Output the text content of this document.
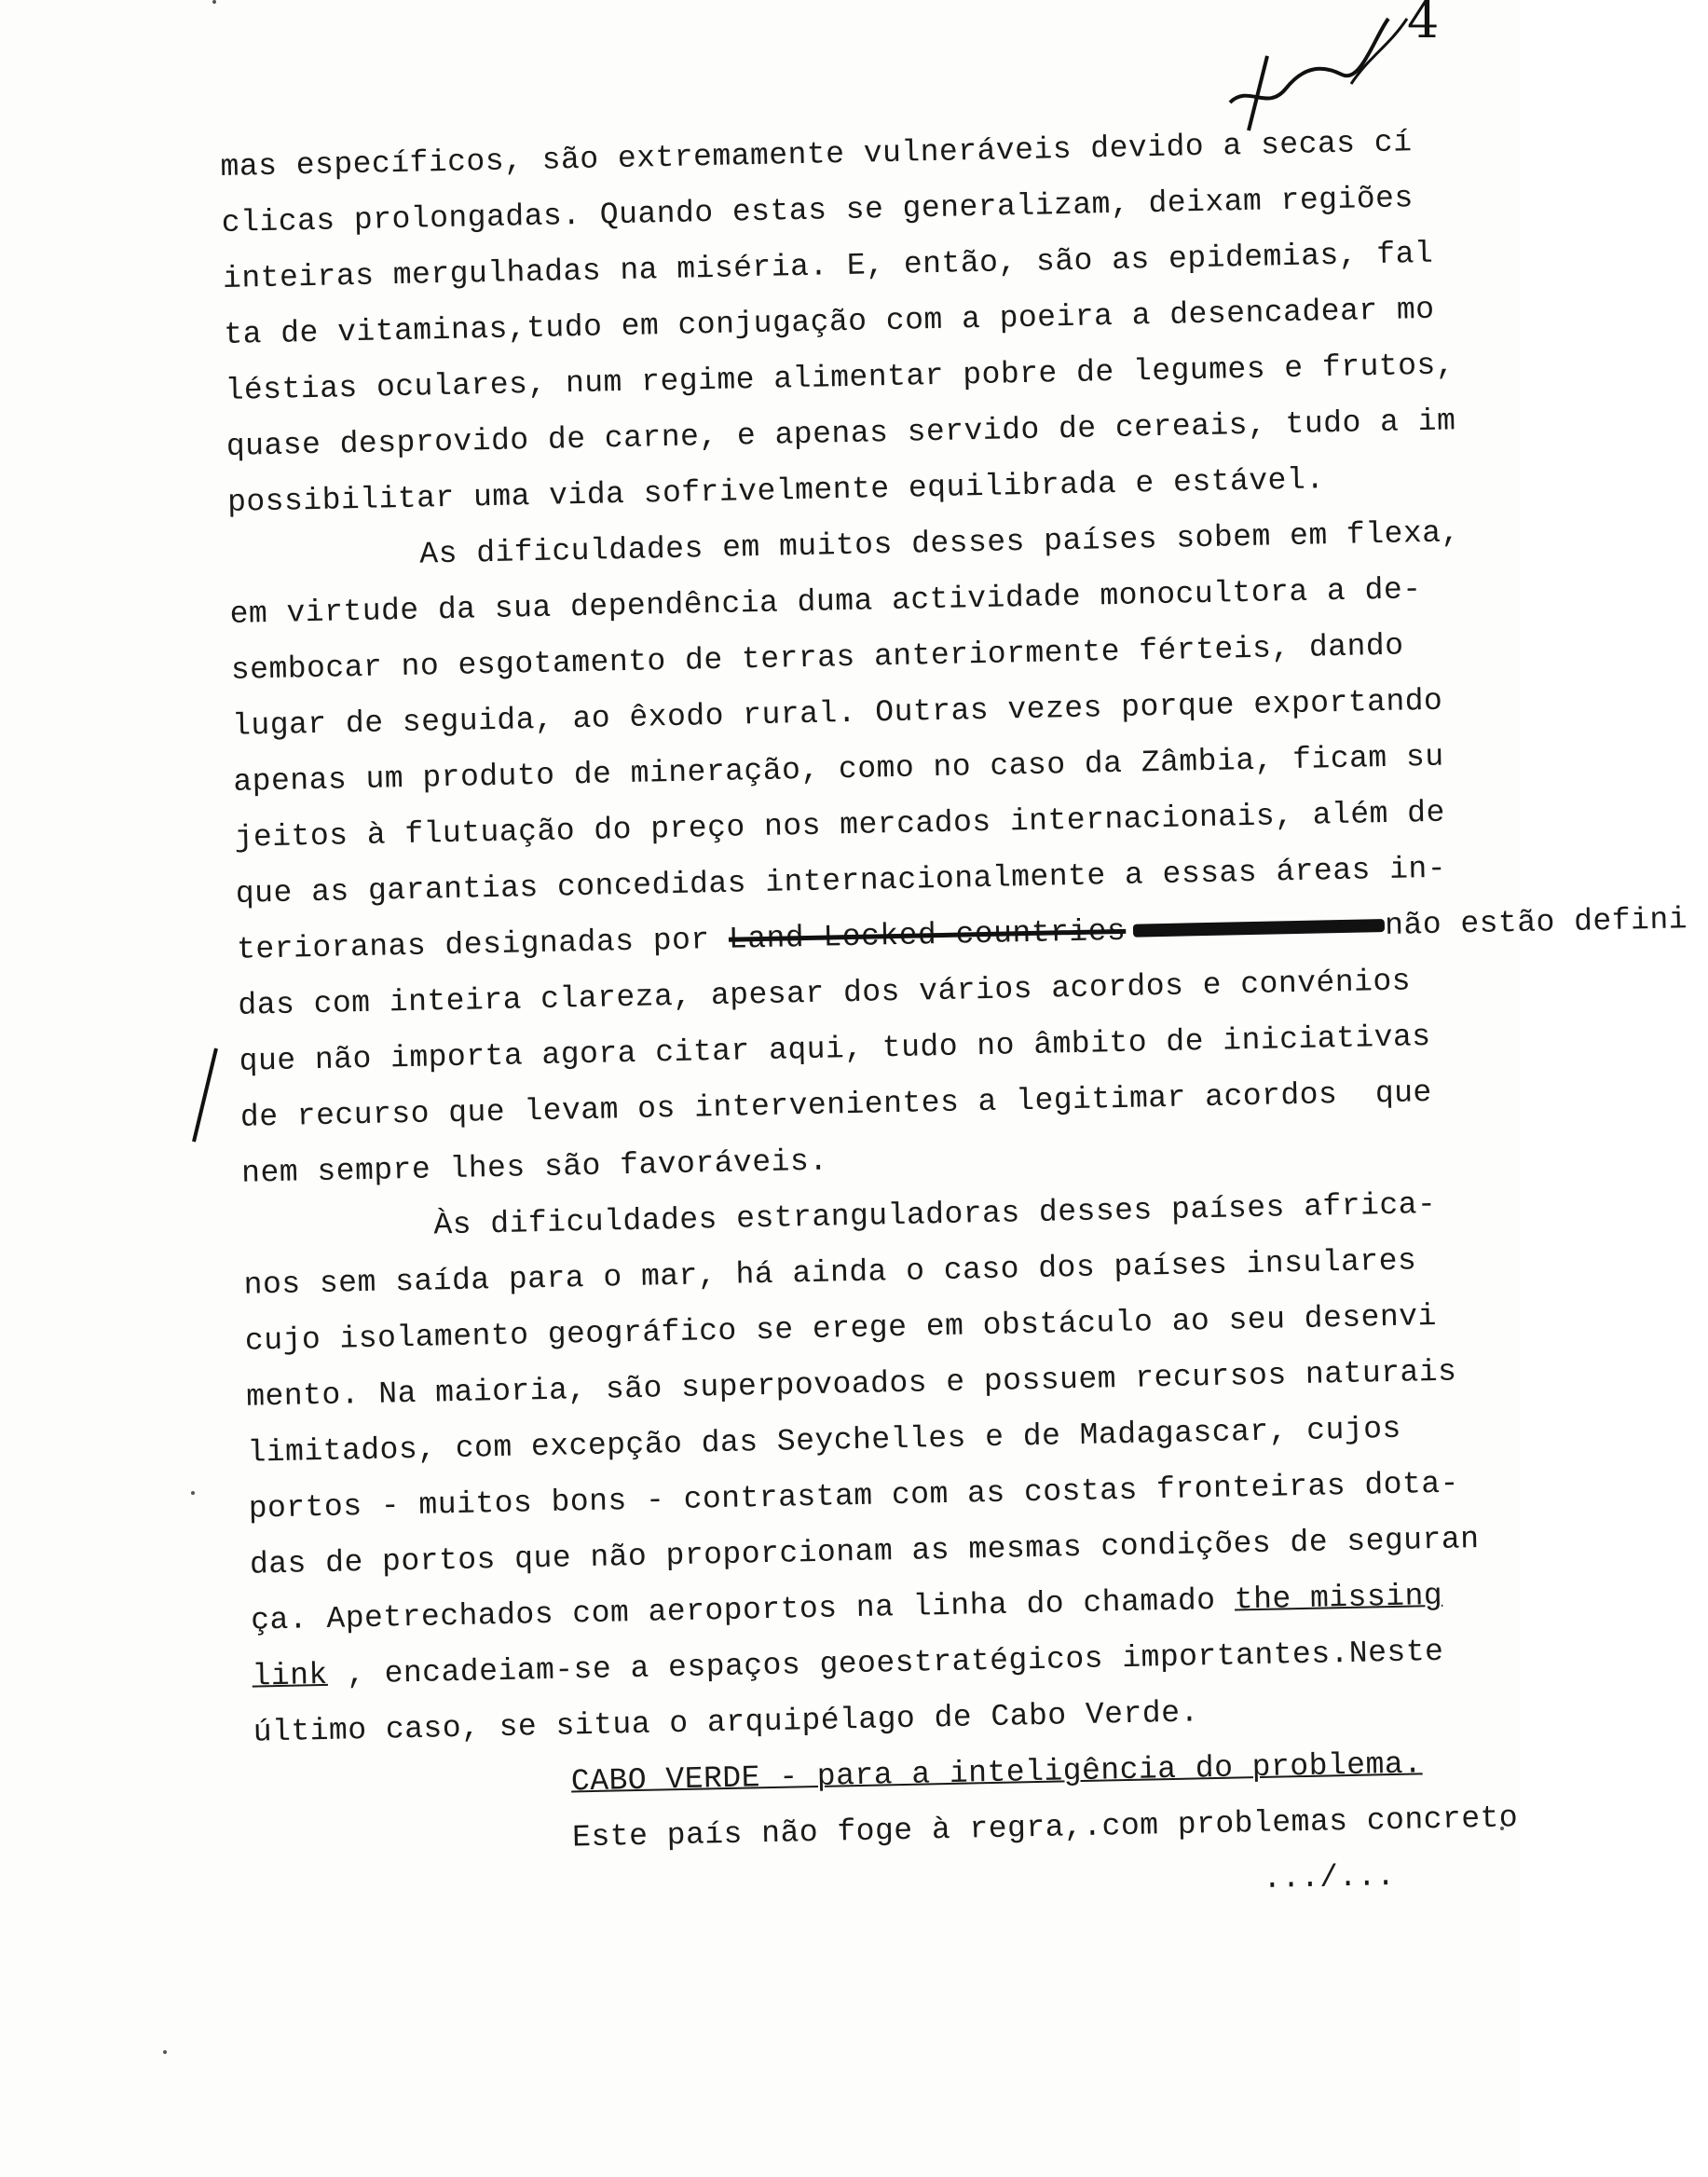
4
mas específicos, são extremamente vulneráveis devido a secas cí
clicas prolongadas. Quando estas se generalizam, deixam regiões
inteiras mergulhadas na miséria. E, então, são as epidemias, fal
ta de vitaminas,tudo em conjugação com a poeira a desencadear mo
léstias oculares, num regime alimentar pobre de legumes e frutos,
quase desprovido de carne, e apenas servido de cereais, tudo a im
possibilitar uma vida sofrivelmente equilibrada e estável.
As dificuldades em muitos desses países sobem em flexa,
em virtude da sua dependência duma actividade monocultora a de-
sembocar no esgotamento de terras anteriormente férteis, dando
lugar de seguida, ao êxodo rural. Outras vezes porque exportando
apenas um produto de mineração, como no caso da Zâmbia, ficam su
jeitos à flutuação do preço nos mercados internacionais, além de
que as garantias concedidas internacionalmente a essas áreas in-
terioranas designadas por Land Locked countries	não estão defini
das com inteira clareza, apesar dos vários acordos e convénios
que não importa agora citar aqui, tudo no âmbito de iniciativas
de recurso que levam os intervenientes a legitimar acordos  que
nem sempre lhes são favoráveis.
Às dificuldades estranguladoras desses países africa-
nos sem saída para o mar, há ainda o caso dos países insulares
cujo isolamento geográfico se erege em obstáculo ao seu desenvi
mento. Na maioria, são superpovoados e possuem recursos naturais
limitados, com excepção das Seychelles e de Madagascar, cujos
portos - muitos bons - contrastam com as costas fronteiras dota-
das de portos que não proporcionam as mesmas condições de seguran
ça. Apetrechados com aeroportos na linha do chamado the missing
link , encadeiam-se a espaços geoestratégicos importantes.Neste
último caso, se situa o arquipélago de Cabo Verde.
CABO VERDE - para a inteligência do problema.
Este país não foge à regra,.com problemas concreto
.../...
